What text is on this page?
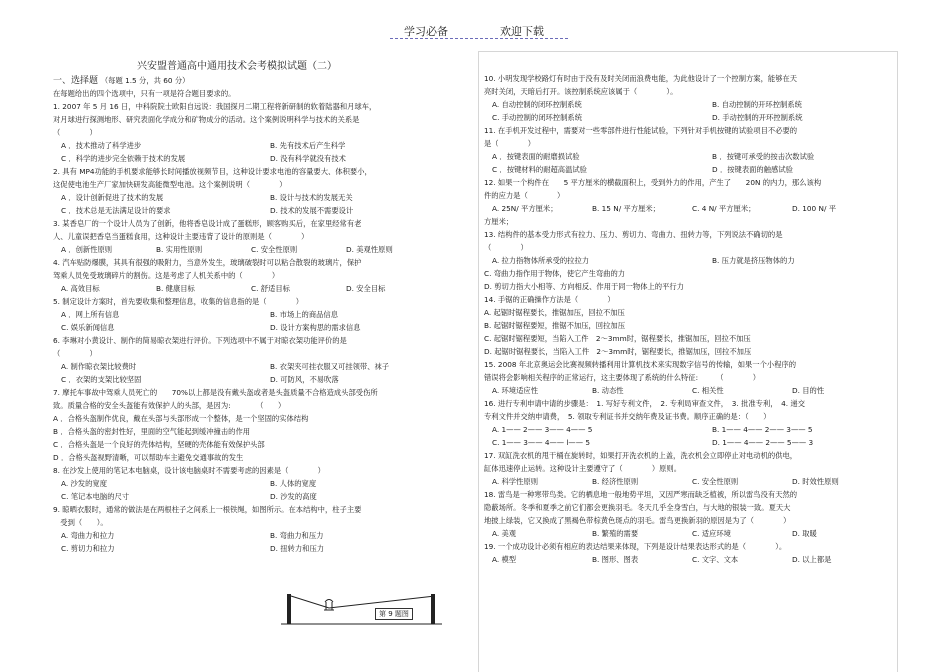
学习必备	欢迎下载
兴安盟普通高中通用技术会考模拟试题（二）
一、选择题 （每题 1.5 分，共 60 分）
在每题给出的四个选项中，只有一项是符合题目要求的。
1. 2007 年 5 月 16 日，中科院院士欧阳自远说：我国探月二期工程将新研制的软着陆器和月球车，
对月球进行探测地形、研究表面化学成分和矿物成分的活动。这个案例说明科学与技术的关系是
（　　　　）
A ．技术推动了科学进步	B. 先有技术后产生科学
C ．科学的进步完全依赖于技术的发展	D. 没有科学就没有技术
2. 具有 MP4功能的手机要求能够长时间播放视频节目，这种设计要求电池的容量要大、体积要小，
这促使电池生产厂家加快研发高能微型电池。这个案例说明（　　　　）
A ．设计创新促进了技术的发展	B. 设计与技术的发展无关
C ．技术总是无法满足设计的要求	D. 技术的发展不需要设计
3. 某香皂厂的一个设计人员为了创新，他将香皂设计成了蛋糕形，顾客购买后，在家里经常有老
人、儿童误把香皂当蛋糕食用，这种设计主要违背了设计的原则是（　　　　）
A ．创新性原则	B. 实用性原则	C. 安全性原则	D. 美观性原则
4. 汽车贴防爆膜，其具有很强的吸附力，当意外发生，玻璃破裂时可以粘合散裂的玻璃片，保护
驾乘人员免受玻璃碎片的割伤。这是考虑了人机关系中的（　　　　）
A. 高效目标	B. 健康目标	C. 舒适目标	D. 安全目标
5. 制定设计方案时，首先要收集和整理信息，收集的信息指的是（　　　　）
A ．网上所有信息	B. 市场上的商品信息
C. 娱乐新闻信息	D. 设计方案构思的需求信息
6. 李琳对小黄设计、制作的简易晾衣架进行评价。下列选项中不属于对晾衣架功能评价的是
（　　　　）
A. 制作晾衣架比较费时	B. 衣架夹可挂衣服又可挂领带、袜子
C ．衣架的支架比较坚固	D. 可防风，不易吹落
7. 摩托车事故中驾乘人员死亡的　　70%以上都是没有戴头盔或者是头盔质量不合格造成头部受伤所
致。质量合格的安全头盔能有效保护人的头部，是因为:　　　　（　　）
A ．合格头盔制作优良，戴在头部与头部形成一个整体，是一个坚固的实体结构
B ．合格头盔的密封性好，里面的空气能起到缓冲撞击的作用
C ．合格头盔是一个良好的壳体结构，坚硬的壳体能有效保护头部
D ．合格头盔视野清晰，可以帮助车主避免交通事故的发生
8. 在沙发上使用的笔记本电脑桌，设计该电脑桌时不需要考虑的因素是（　　　　）
A. 沙发的宽度	B. 人体的宽度
C. 笔记本电脑的尺寸	D. 沙发的高度
9. 晾晒衣服时，通常的做法是在两根柱子之间系上一根铁绳，如图所示。在本结构中，柱子主要
　受到（　　）。
A. 弯曲力和拉力	B. 弯曲力和压力
C. 剪切力和拉力	D. 扭转力和压力
10. 小明发现学校路灯有时由于没有及时关闭而浪费电能，为此他设计了一个控制方案，能够在天
亮时关闭，天暗后打开。该控制系统应该属于（　　　　）。
A. 自动控制的闭环控制系统	B. 自动控制的开环控制系统
C. 手动控制的闭环控制系统	D. 手动控制的开环控制系统
11. 在手机开发过程中，需要对一些零部件进行性能试验，下列针对手机按键的试验项目不必要的
是（　　　　）
A ．按键表面的耐磨损试验	B ．按键可承受的按击次数试验
C ．按键材料的耐超高温试验	D ．按键表面的触感试验
12. 如果一个构件在　　5 平方厘米的横截面积上，受到外力的作用，产生了　　20N 的内力，那么该构
件的应力是（　　　　）
A. 25N/ 平方厘米；	B. 15 N/ 平方厘米；	C. 4 N/ 平方厘米；	D. 100 N/ 平
方厘米；
13. 结构件的基本受力形式有拉力、压力、剪切力、弯曲力、扭转力等，下列说法不确切的是
（　　　　）
A. 拉力指物体所承受的拉拉力	B. 压力就是挤压物体的力
C. 弯曲力指作用于物体，使它产生弯曲的力
D. 剪切力指大小相等、方向相反、作用于同一物体上的平行力
14. 手锯的正确操作方法是（　　　　）
A. 起锯时锯程要长，推锯加压，回拉不加压
B. 起锯时锯程要短，推锯不加压，回拉加压
C. 起锯时锯程要短，当陷入工件　2～3mm时，锯程要长，推锯加压，回拉不加压
D. 起锯时锯程要长，当陷入工件　2～3mm时，锯程要长，推锯加压，回拉不加压
15. 2008 年北京奥运会比赛视频转播利用计算机技术来实现数字信号的传输，如果一个小程序的
错误将会影响相关程序的正常运行，这主要体现了系统的什么特征:　　　（　　　　）
A. 环境适应性	B. 动态性	C. 相关性	D. 目的性
16. 进行专利申请中请的步骤是：　1. 写好专利文件，　2. 专利局审查文件，　3. 批准专利，　4. 递交
专利文件并交纳申请费，　5. 领取专利证书并交纳年费及证书费。顺序正确的是：（　　）
A. 1—— 2—— 3—— 4—— 5	B. 1—— 4—— 2—— 3—— 5
C. 1—— 3—— 4—— l—— 5	D. 1—— 4—— 2—— 5—— 3
17. 双缸洗衣机的甩干桶在旋转时，如果打开洗衣机的上盖，洗衣机会立即停止对电动机的供电，
缸体迅速停止运转。这种设计主要遵守了（　　　　）原则。
A. 科学性原则	B. 经济性原则	C. 安全性原则	D. 时效性原则
18. 雷鸟是一种寒带鸟类。它的栖息地一般地势平坦，又因严寒而缺乏植被，所以雷鸟没有天然的
隐蔽场所。冬季和夏季之前它们都会更换羽毛。冬天几乎全身雪白，与大地的银装一致。夏天大
地披上绿装，它又换成了黑褐色带棕黄色斑点的羽毛。雷鸟更换新羽的原因是为了（　　　　）
A. 美观	B. 繁殖的需要	C. 适应环境	D. 取暖
19. 一个成功设计必须有相应的表达结果来体现，下列是设计结果表达形式的是（　　　　）。
A. 模型	B. 图形、图表	C. 文字、文本	D. 以上都是
第 9 题图
